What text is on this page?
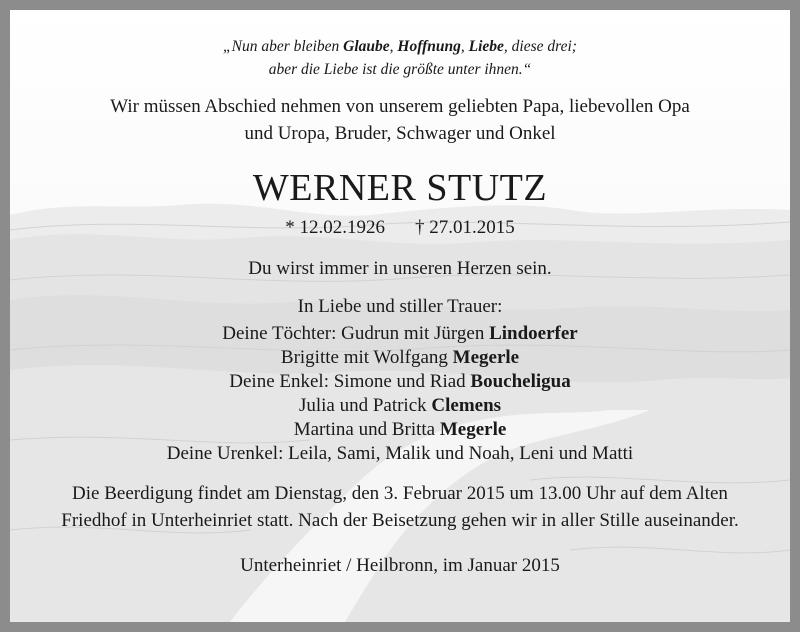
„Nun aber bleiben Glaube, Hoffnung, Liebe, diese drei;
aber die Liebe ist die größte unter ihnen.“
Wir müssen Abschied nehmen von unserem geliebten Papa, liebevollen Opa
und Uropa, Bruder, Schwager und Onkel
WERNER STUTZ
* 12.02.1926 † 27.01.2015
Du wirst immer in unseren Herzen sein.
In Liebe und stiller Trauer:
Deine Töchter: Gudrun mit Jürgen Lindoerfer
Brigitte mit Wolfgang Megerle
Deine Enkel: Simone und Riad Boucheligua
Julia und Patrick Clemens
Martina und Britta Megerle
Deine Urenkel: Leila, Sami, Malik und Noah, Leni und Matti
Die Beerdigung findet am Dienstag, den 3. Februar 2015 um 13.00 Uhr auf dem Alten
Friedhof in Unterheinriet statt. Nach der Beisetzung gehen wir in aller Stille auseinander.
Unterheinriet / Heilbronn, im Januar 2015
